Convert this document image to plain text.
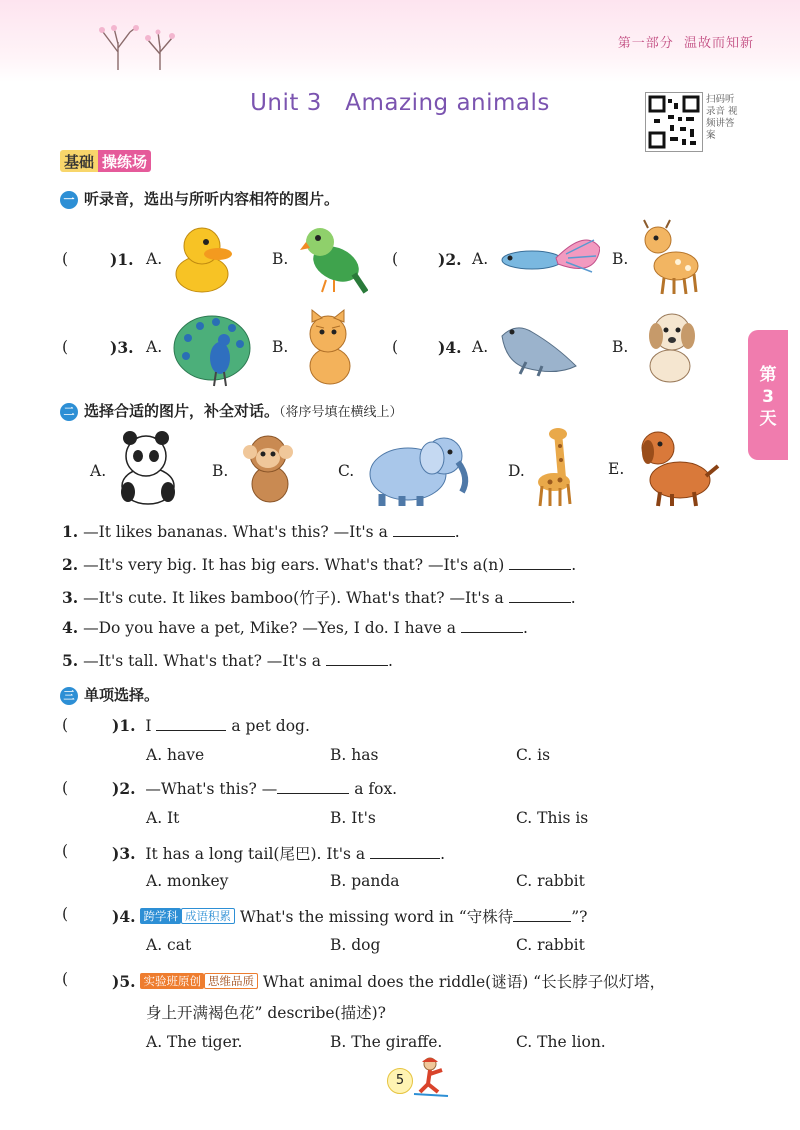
第一部分 温故而知新
Unit 3   Amazing animals	扫码听录音 视频讲答案
基础 操练场
第
3
天
一 听录音，选出与所听内容相符的图片。
(	)1. A.	B.	(	)2. A.	B.
(	)3. A.	B.	(	)4. A.	B.
二 选择合适的图片，补全对话。（将序号填在横线上）
A.	B.	C.	D.	E.
1. —It likes bananas. What's this? —It's a	.
2. —It's very big. It has big ears. What's that? —It's a(n)	.
3. —It's cute. It likes bamboo(竹子). What's that? —It's a	.
4. —Do you have a pet, Mike? —Yes, I do. I have a	.
5. —It's tall. What's that? —It's a	.
三 单项选择。
(	)1. I	a pet dog.
A. have	B. has	C. is
(	)2. —What's this? —	a fox.
A. It	B. It's	C. This is
(	)3. It has a long tail(尾巴). It's a	.
A. monkey	B. panda	C. rabbit
(	)4. 跨学科 成语积累 What's the missing word in “守株待	”?
A. cat	B. dog	C. rabbit
(	)5. 实验班原创 思维品质 What animal does the riddle(谜语) “长长脖子似灯塔，
身上开满褐色花” describe(描述)?
A. The tiger.	B. The giraffe.	C. The lion.
5
